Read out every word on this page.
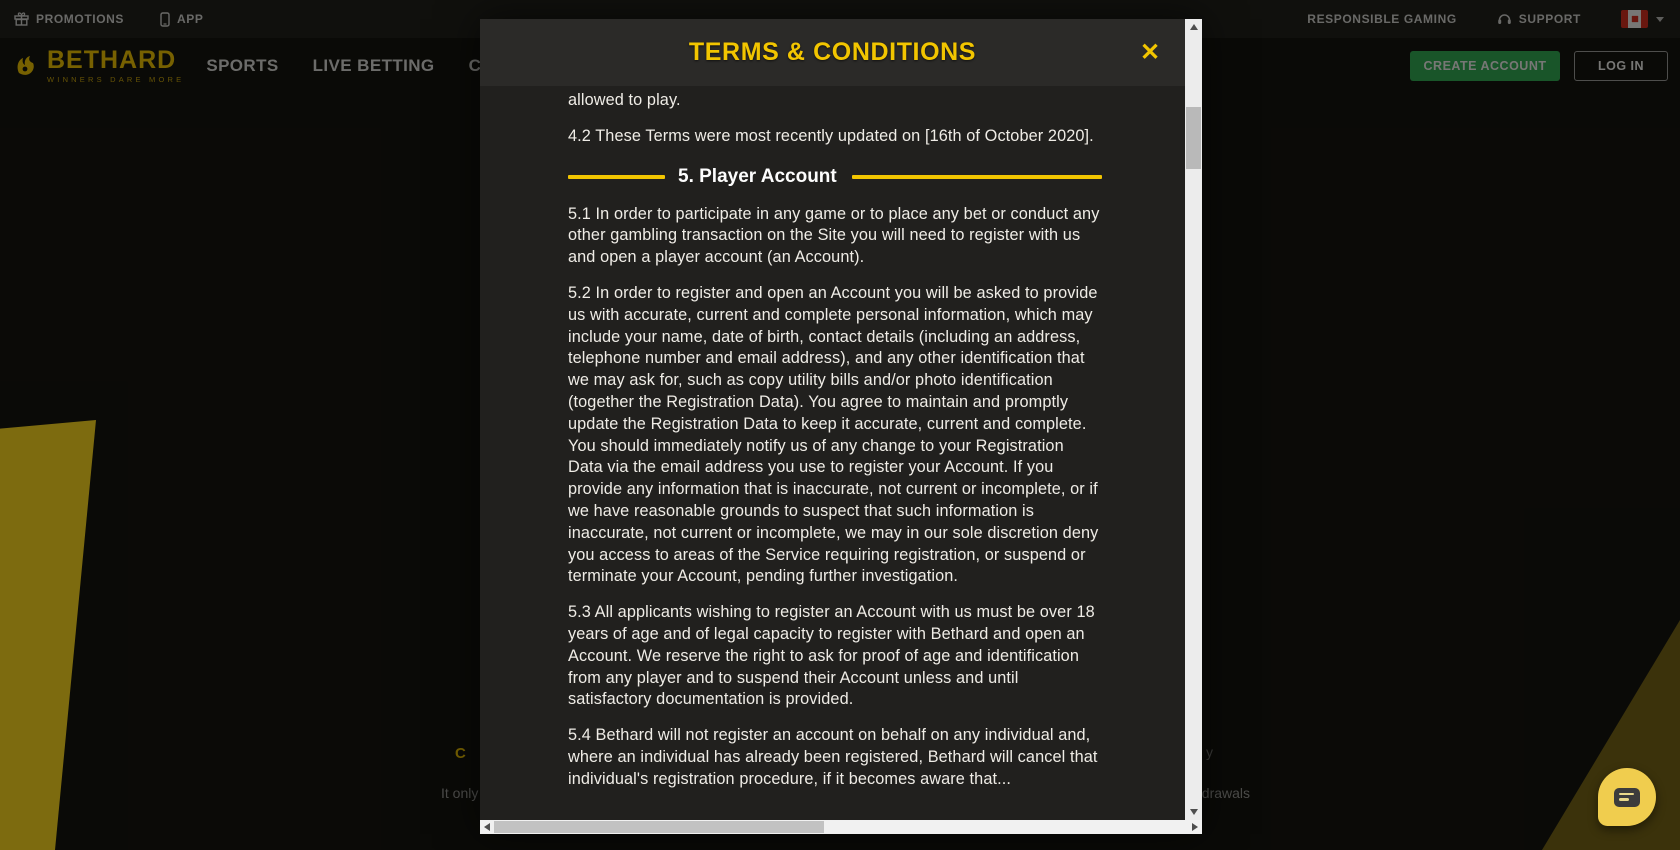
TERMS & CONDITIONS	✕

allowed to play.

4.2 These Terms were most recently updated on [16th of October 2020].

5. Player Account

5.1 In order to participate in any game or to place any bet or conduct any other gambling transaction on the Site you will need to register with us and open a player account (an Account).

5.2 In order to register and open an Account you will be asked to provide us with accurate, current and complete personal information, which may include your name, date of birth, contact details (including an address, telephone number and email address), and any other identification that we may ask for, such as copy utility bills and/or photo identification (together the Registration Data). You agree to maintain and promptly update the Registration Data to keep it accurate, current and complete. You should immediately notify us of any change to your Registration Data via the email address you use to register your Account. If you provide any information that is inaccurate, not current or incomplete, or if we have reasonable grounds to suspect that such information is inaccurate, not current or incomplete, we may in our sole discretion deny you access to areas of the Service requiring registration, or suspend or terminate your Account, pending further investigation.

5.3 All applicants wishing to register an Account with us must be over 18 years of age and of legal capacity to register with Bethard and open an Account. We reserve the right to ask for proof of age and identification from any player and to suspend their Account unless and until satisfactory documentation is provided.

5.4 Bethard will not register an account on behalf on any individual and, where an individual has already been registered, Bethard will cancel that individual's registration procedure, if it becomes aware that...
